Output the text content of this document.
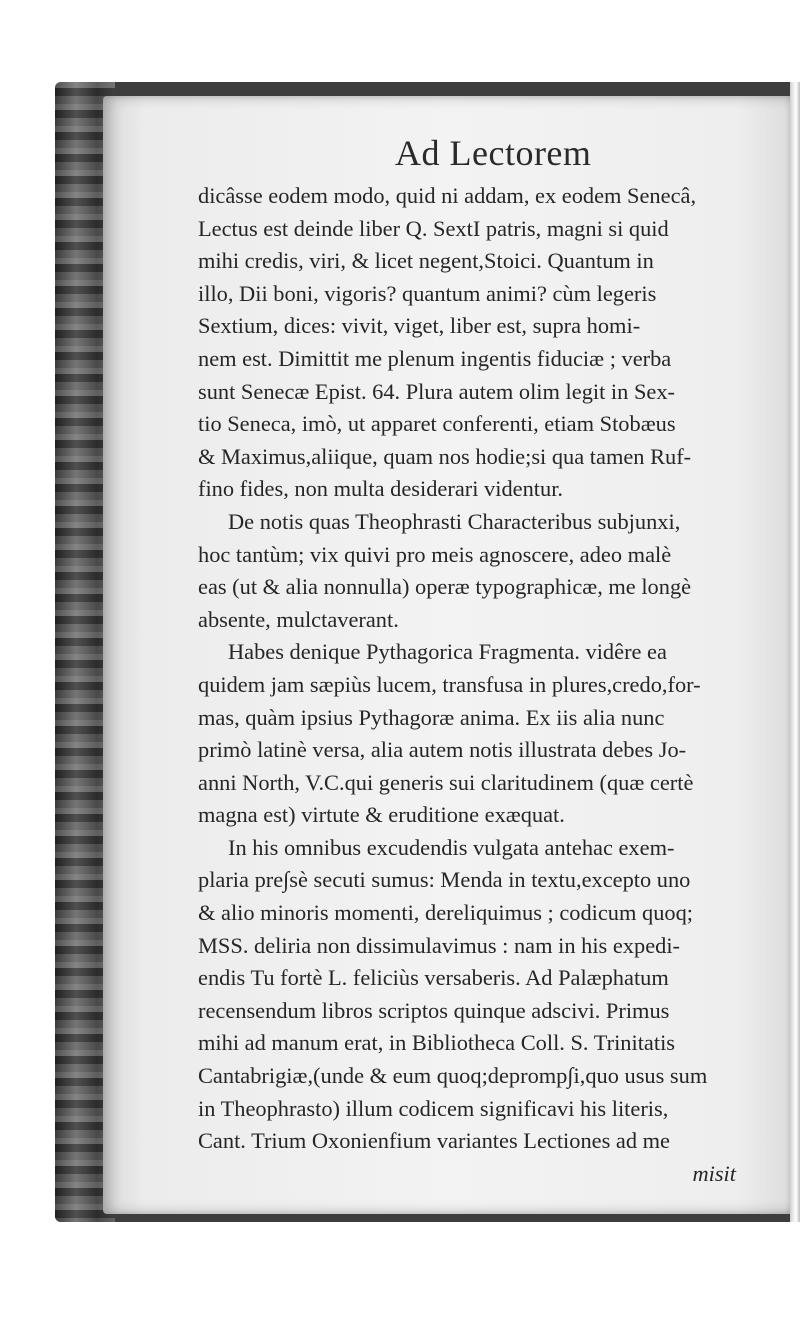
Ad Lectorem
dicâsse eodem modo, quid ni addam, ex eodem Senecâ,
Lectus est deinde liber Q. SextI patris, magni si quid
mihi credis, viri, & licet negent,Stoici. Quantum in
illo, Dii boni, vigoris? quantum animi? cùm legeris
Sextium, dices: vivit, viget, liber est, supra homi-
nem est. Dimittit me plenum ingentis fiduciæ ; verba
sunt Senecæ Epist. 64. Plura autem olim legit in Sex-
tio Seneca, imò, ut apparet conferenti, etiam Stobæus
& Maximus,aliique, quam nos hodie;si qua tamen Ruf-
fino fides, non multa desiderari videntur.
De notis quas Theophrasti Characteribus subjunxi,
hoc tantùm; vix quivi pro meis agnoscere, adeo malè
eas (ut & alia nonnulla) operæ typographicæ, me longè
absente, mulctaverant.
Habes denique Pythagorica Fragmenta. vidêre ea
quidem jam sæpiùs lucem, transfusa in plures,credo,for-
mas, quàm ipsius Pythagoræ anima. Ex iis alia nunc
primò latinè versa, alia autem notis illustrata debes Jo-
anni North, V.C.qui generis sui claritudinem (quæ certè
magna est) virtute & eruditione exæquat.
In his omnibus excudendis vulgata antehac exem-
plaria pre∫sè secuti sumus: Menda in textu,excepto uno
& alio minoris momenti, dereliquimus ; codicum quoq;
MSS. deliria non dissimulavimus : nam in his expedi-
endis Tu fortè L. feliciùs versaberis. Ad Palæphatum
recensendum libros scriptos quinque adscivi. Primus
mihi ad manum erat, in Bibliotheca Coll. S. Trinitatis
Cantabrigiæ,(unde & eum quoq;depromp∫i,quo usus sum
in Theophrasto) illum codicem significavi his literis,
Cant. Trium Oxonienfium variantes Lectiones ad me
misit
